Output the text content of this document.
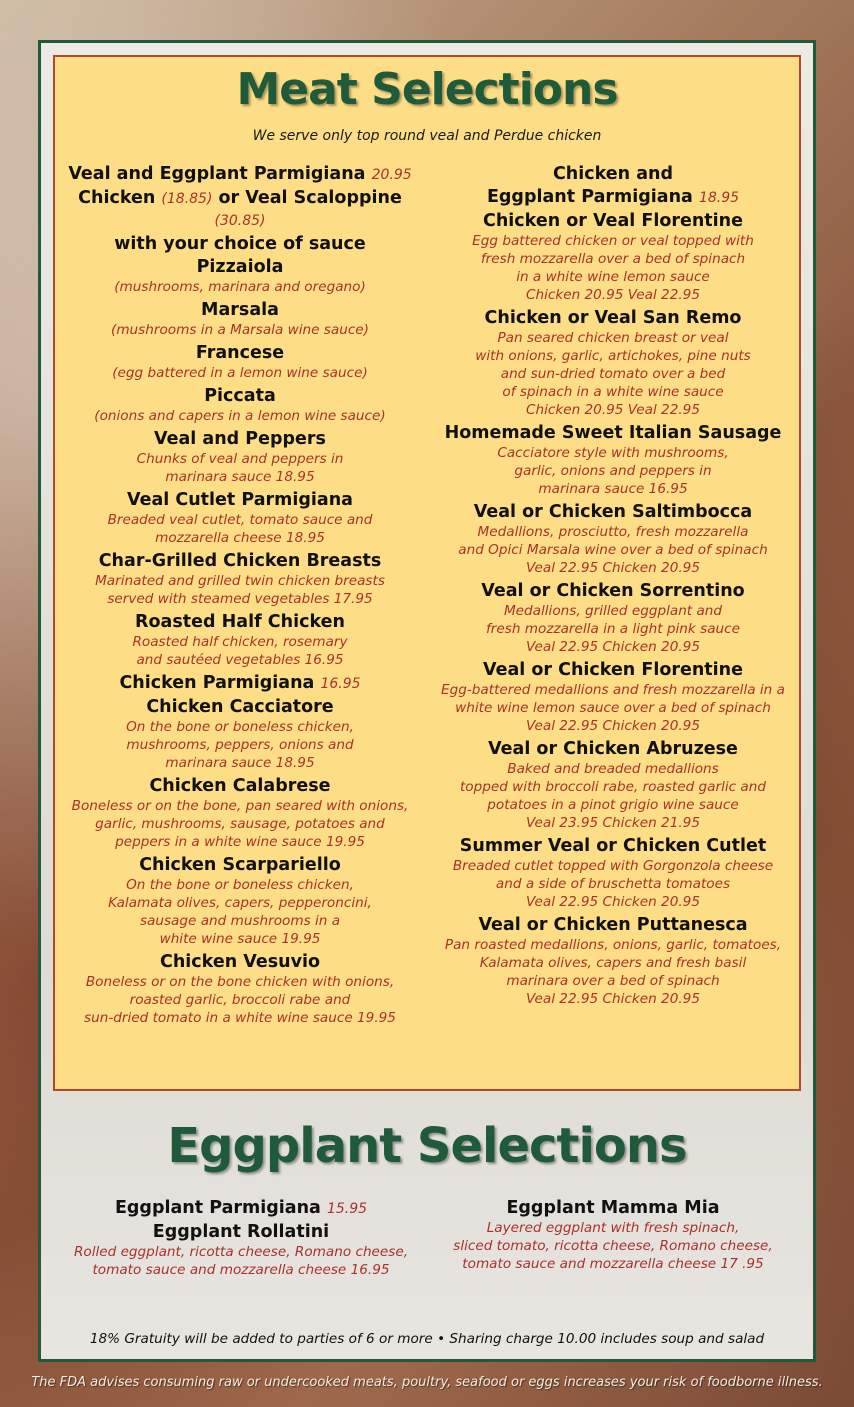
Meat Selections
We serve only top round veal and Perdue chicken
Veal and Eggplant Parmigiana 20.95
Chicken (18.85) or Veal Scaloppine (30.85)
with your choice of sauce
Pizzaiola
(mushrooms, marinara and oregano)
Marsala
(mushrooms in a Marsala wine sauce)
Francese
(egg battered in a lemon wine sauce)
Piccata
(onions and capers in a lemon wine sauce)
Veal and Peppers
Chunks of veal and peppers in
marinara sauce 18.95
Veal Cutlet Parmigiana
Breaded veal cutlet, tomato sauce and
mozzarella cheese 18.95
Char-Grilled Chicken Breasts
Marinated and grilled twin chicken breasts
served with steamed vegetables 17.95
Roasted Half Chicken
Roasted half chicken, rosemary
and sautéed vegetables 16.95
Chicken Parmigiana 16.95
Chicken Cacciatore
On the bone or boneless chicken,
mushrooms, peppers, onions and
marinara sauce 18.95
Chicken Calabrese
Boneless or on the bone, pan seared with onions,
garlic, mushrooms, sausage, potatoes and
peppers in a white wine sauce 19.95
Chicken Scarpariello
On the bone or boneless chicken,
Kalamata olives, capers, pepperoncini,
sausage and mushrooms in a
white wine sauce 19.95
Chicken Vesuvio
Boneless or on the bone chicken with onions,
roasted garlic, broccoli rabe and
sun-dried tomato in a white wine sauce 19.95
Chicken and
Eggplant Parmigiana 18.95
Chicken or Veal Florentine
Egg battered chicken or veal topped with
fresh mozzarella over a bed of spinach
in a white wine lemon sauce
Chicken 20.95 Veal 22.95
Chicken or Veal San Remo
Pan seared chicken breast or veal
with onions, garlic, artichokes, pine nuts
and sun-dried tomato over a bed
of spinach in a white wine sauce
Chicken 20.95 Veal 22.95
Homemade Sweet Italian Sausage
Cacciatore style with mushrooms,
garlic, onions and peppers in
marinara sauce 16.95
Veal or Chicken Saltimbocca
Medallions, prosciutto, fresh mozzarella
and Opici Marsala wine over a bed of spinach
Veal 22.95 Chicken 20.95
Veal or Chicken Sorrentino
Medallions, grilled eggplant and
fresh mozzarella in a light pink sauce
Veal 22.95 Chicken 20.95
Veal or Chicken Florentine
Egg-battered medallions and fresh mozzarella in a
white wine lemon sauce over a bed of spinach
Veal 22.95 Chicken 20.95
Veal or Chicken Abruzese
Baked and breaded medallions
topped with broccoli rabe, roasted garlic and
potatoes in a pinot grigio wine sauce
Veal 23.95 Chicken 21.95
Summer Veal or Chicken Cutlet
Breaded cutlet topped with Gorgonzola cheese
and a side of bruschetta tomatoes
Veal 22.95 Chicken 20.95
Veal or Chicken Puttanesca
Pan roasted medallions, onions, garlic, tomatoes,
Kalamata olives, capers and fresh basil
marinara over a bed of spinach
Veal 22.95 Chicken 20.95
Eggplant Selections
Eggplant Parmigiana 15.95
Eggplant Rollatini
Rolled eggplant, ricotta cheese, Romano cheese,
tomato sauce and mozzarella cheese 16.95
Eggplant Mamma Mia
Layered eggplant with fresh spinach,
sliced tomato, ricotta cheese, Romano cheese,
tomato sauce and mozzarella cheese 17 .95
18% Gratuity will be added to parties of 6 or more • Sharing charge 10.00 includes soup and salad
The FDA advises consuming raw or undercooked meats, poultry, seafood or eggs increases your risk of foodborne illness.
